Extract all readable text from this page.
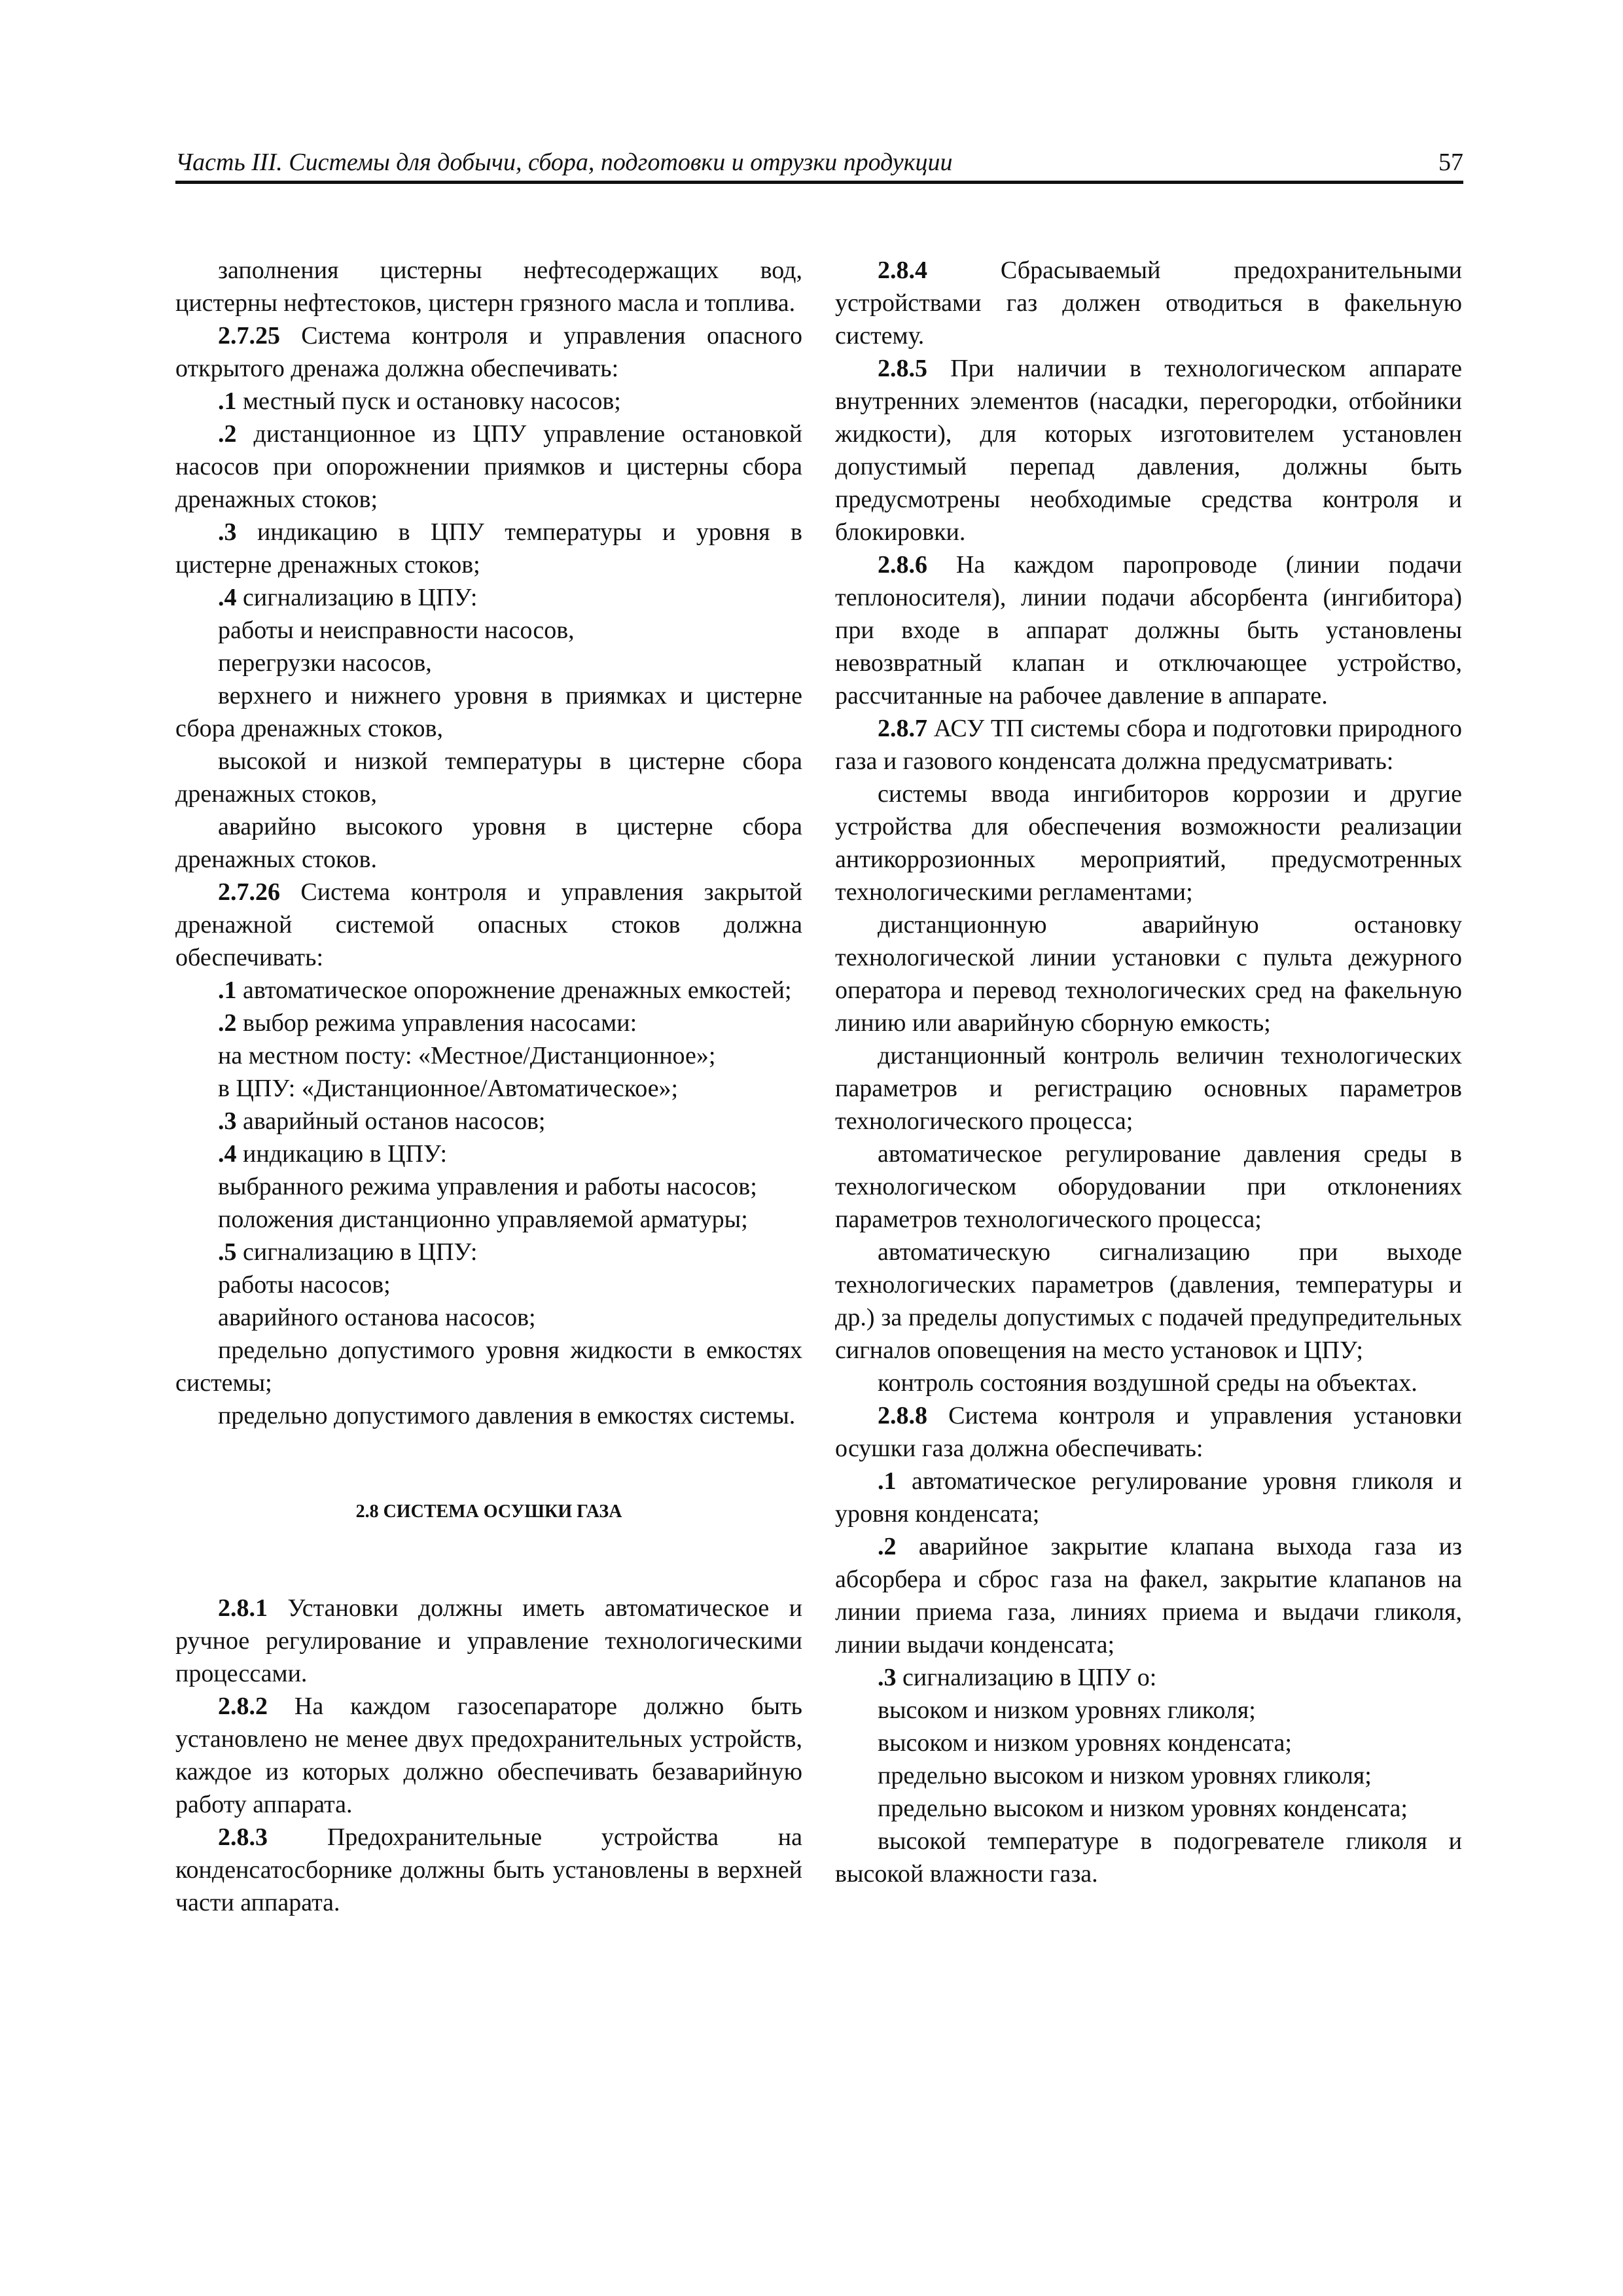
Часть III. Системы для добычи, сбора, подготовки и отрузки продукции	57

заполнения цистерны нефтесодержащих вод, цистерны нефтестоков, цистерн грязного масла и топлива.

2.7.25 Система контроля и управления опасного открытого дренажа должна обеспечивать:

.1 местный пуск и остановку насосов;

.2 дистанционное из ЦПУ управление остановкой насосов при опорожнении приямков и цистерны сбора дренажных стоков;

.3 индикацию в ЦПУ температуры и уровня в цистерне дренажных стоков;

.4 сигнализацию в ЦПУ:

работы и неисправности насосов,

перегрузки насосов,

верхнего и нижнего уровня в приямках и цистерне сбора дренажных стоков,

высокой и низкой температуры в цистерне сбора дренажных стоков,

аварийно высокого уровня в цистерне сбора дренажных стоков.

2.7.26 Система контроля и управления закрытой дренажной системой опасных стоков должна обеспечивать:

.1 автоматическое опорожнение дренажных емкостей;

.2 выбор режима управления насосами:

на местном посту: «Местное/Дистанционное»;

в ЦПУ: «Дистанционное/Автоматическое»;

.3 аварийный останов насосов;

.4 индикацию в ЦПУ:

выбранного режима управления и работы насосов;

положения дистанционно управляемой арматуры;

.5 сигнализацию в ЦПУ:

работы насосов;

аварийного останова насосов;

предельно допустимого уровня жидкости в емкостях системы;

предельно допустимого давления в емкостях системы.

2.8 СИСТЕМА ОСУШКИ ГАЗА

2.8.1 Установки должны иметь автоматическое и ручное регулирование и управление технологическими процессами.

2.8.2 На каждом газосепараторе должно быть установлено не менее двух предохранительных устройств, каждое из которых должно обеспечивать безаварийную работу аппарата.

2.8.3 Предохранительные устройства на конденсатосборнике должны быть установлены в верхней части аппарата.

2.8.4 Сбрасываемый предохранительными устройствами газ должен отводиться в факельную систему.

2.8.5 При наличии в технологическом аппарате внутренних элементов (насадки, перегородки, отбойники жидкости), для которых изготовителем установлен допустимый перепад давления, должны быть предусмотрены необходимые средства контроля и блокировки.

2.8.6 На каждом паропроводе (линии подачи теплоносителя), линии подачи абсорбента (ингибитора) при входе в аппарат должны быть установлены невозвратный клапан и отключающее устройство, рассчитанные на рабочее давление в аппарате.

2.8.7 АСУ ТП системы сбора и подготовки природного газа и газового конденсата должна предусматривать:

системы ввода ингибиторов коррозии и другие устройства для обеспечения возможности реализации антикоррозионных мероприятий, предусмотренных технологическими регламентами;

дистанционную аварийную остановку технологической линии установки с пульта дежурного оператора и перевод технологических сред на факельную линию или аварийную сборную емкость;

дистанционный контроль величин технологических параметров и регистрацию основных параметров технологического процесса;

автоматическое регулирование давления среды в технологическом оборудовании при отклонениях параметров технологического процесса;

автоматическую сигнализацию при выходе технологических параметров (давления, температуры и др.) за пределы допустимых с подачей предупредительных сигналов оповещения на место установок и ЦПУ;

контроль состояния воздушной среды на объектах.

2.8.8 Система контроля и управления установки осушки газа должна обеспечивать:

.1 автоматическое регулирование уровня гликоля и уровня конденсата;

.2 аварийное закрытие клапана выхода газа из абсорбера и сброс газа на факел, закрытие клапанов на линии приема газа, линиях приема и выдачи гликоля, линии выдачи конденсата;

.3 сигнализацию в ЦПУ о:

высоком и низком уровнях гликоля;

высоком и низком уровнях конденсата;

предельно высоком и низком уровнях гликоля;

предельно высоком и низком уровнях конденсата;

высокой температуре в подогревателе гликоля и высокой влажности газа.
